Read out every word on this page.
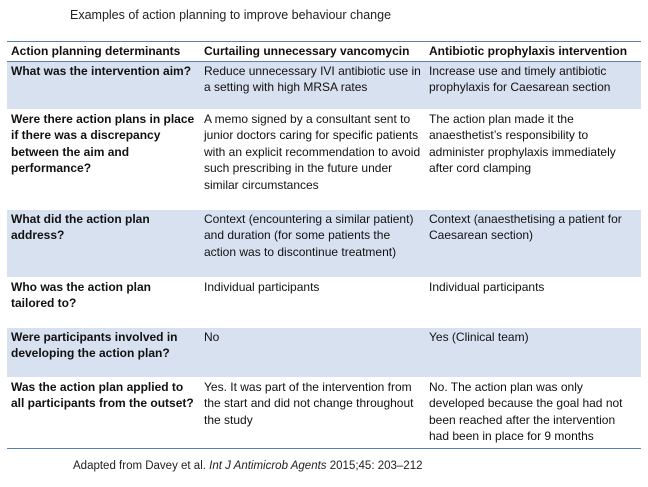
Examples of action planning to improve behaviour change
Action planning determinants	Curtailing unnecessary vancomycin	Antibiotic prophylaxis intervention
What was the intervention aim?	Reduce unnecessary IVI antibiotic use in a setting with high MRSA rates	Increase use and timely antibiotic prophylaxis for Caesarean section
Were there action plans in place if there was a discrepancy between the aim and performance?	A memo signed by a consultant sent to junior doctors caring for specific patients with an explicit recommendation to avoid such prescribing in the future under similar circumstances	The action plan made it the anaesthetist’s responsibility to administer prophylaxis immediately after cord clamping
What did the action plan address?	Context (encountering a similar patient) and duration (for some patients the action was to discontinue treatment)	Context (anaesthetising a patient for Caesarean section)
Who was the action plan tailored to?	Individual participants	Individual participants
Were participants involved in developing the action plan?	No	Yes (Clinical team)
Was the action plan applied to all participants from the outset?	Yes. It was part of the intervention from the start and did not change throughout the study	No. The action plan was only developed because the goal had not been reached after the intervention had been in place for 9 months
Adapted from Davey et al. Int J Antimicrob Agents 2015;45: 203–212
